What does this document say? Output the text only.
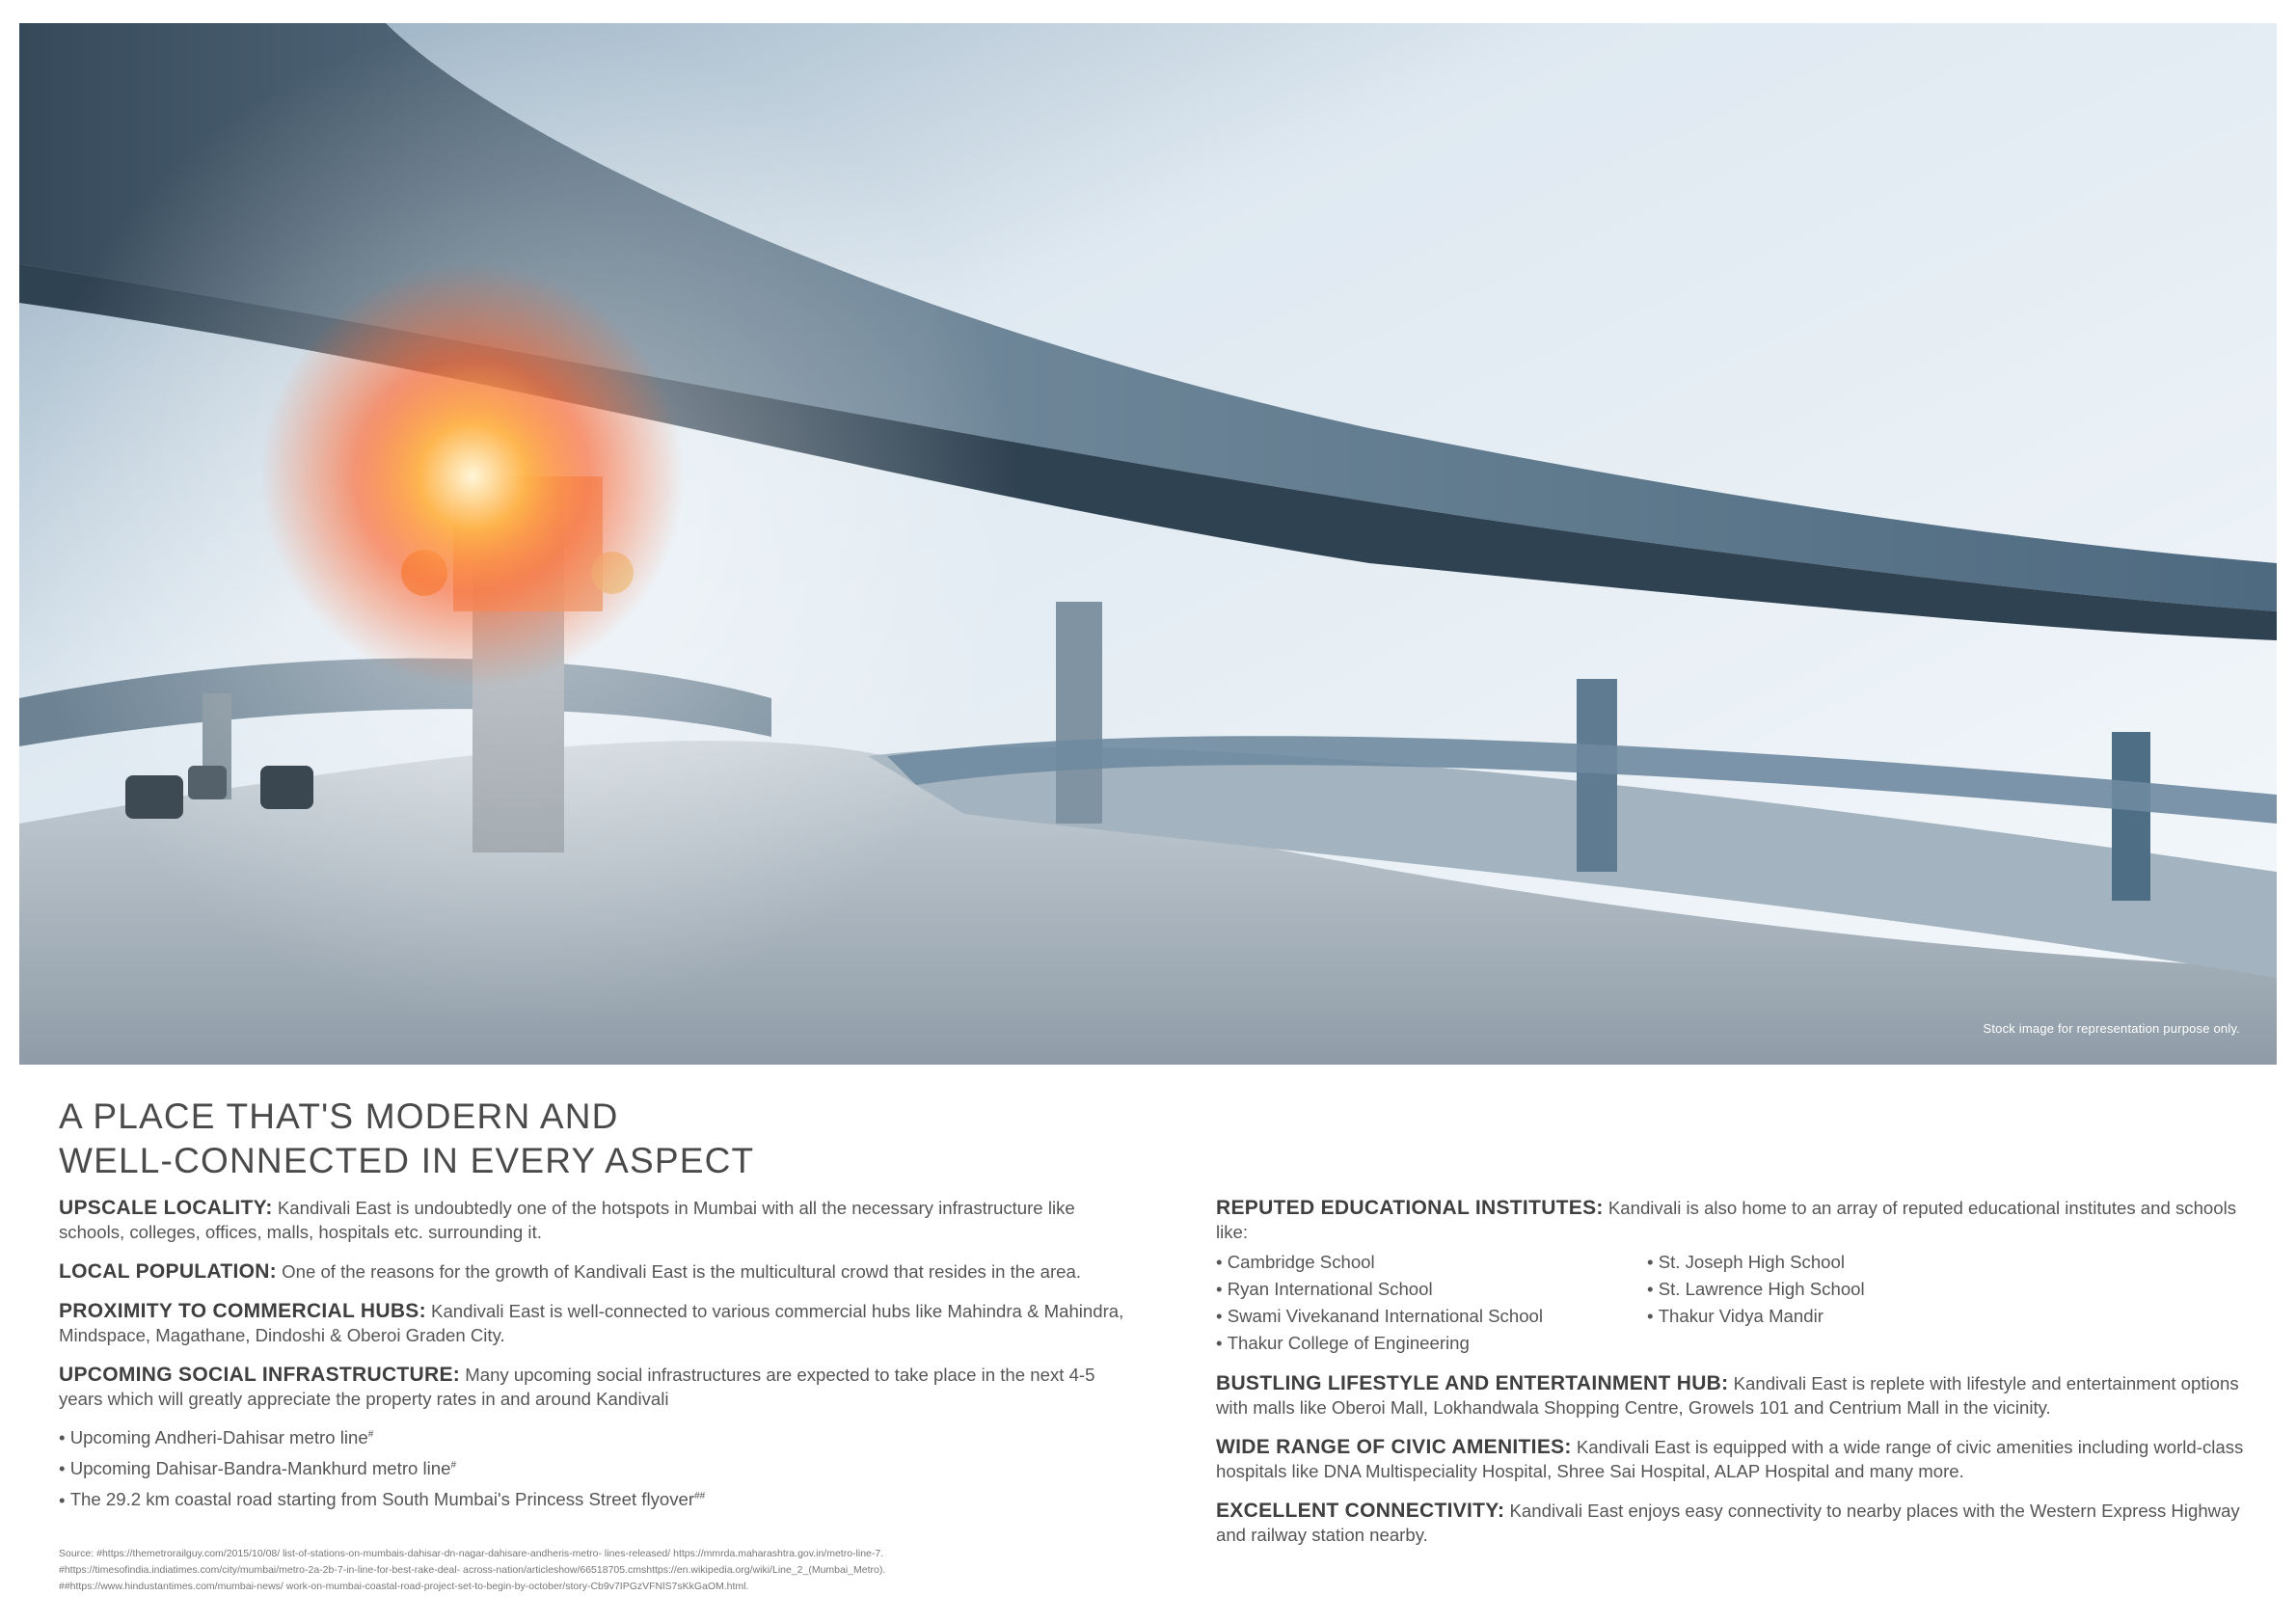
Stock image for representation purpose only.
A PLACE THAT'S MODERN AND
WELL-CONNECTED IN EVERY ASPECT

UPSCALE LOCALITY: Kandivali East is undoubtedly one of the hotspots in Mumbai with all the necessary infrastructure like schools, colleges, offices, malls, hospitals etc. surrounding it.

LOCAL POPULATION: One of the reasons for the growth of Kandivali East is the multicultural crowd that resides in the area.

PROXIMITY TO COMMERCIAL HUBS: Kandivali East is well-connected to various commercial hubs like Mahindra & Mahindra, Mindspace, Magathane, Dindoshi & Oberoi Graden City.

UPCOMING SOCIAL INFRASTRUCTURE: Many upcoming social infrastructures are expected to take place in the next 4-5 years which will greatly appreciate the property rates in and around Kandivali

• Upcoming Andheri-Dahisar metro line#
• Upcoming Dahisar-Bandra-Mankhurd metro line#
• The 29.2 km coastal road starting from South Mumbai's Princess Street flyover##
Source: #https://themetrorailguy.com/2015/10/08/ list-of-stations-on-mumbais-dahisar-dn-nagar-dahisare-andheris-metro- lines-released/ https://mmrda.maharashtra.gov.in/metro-line-7.
#https://timesofindia.indiatimes.com/city/mumbai/metro-2a-2b-7-in-line-for-best-rake-deal- across-nation/articleshow/66518705.cmshttps://en.wikipedia.org/wiki/Line_2_(Mumbai_Metro).
##https://www.hindustantimes.com/mumbai-news/ work-on-mumbai-coastal-road-project-set-to-begin-by-october/story-Cb9v7IPGzVFNlS7sKkGaOM.html.

REPUTED EDUCATIONAL INSTITUTES: Kandivali is also home to an array of reputed educational institutes and schools like:

• Cambridge School
• Ryan International School
• Swami Vivekanand International School
• Thakur College of Engineering
• St. Joseph High School
• St. Lawrence High School
• Thakur Vidya Mandir

BUSTLING LIFESTYLE AND ENTERTAINMENT HUB: Kandivali East is replete with lifestyle and entertainment options with malls like Oberoi Mall, Lokhandwala Shopping Centre, Growels 101 and Centrium Mall in the vicinity.

WIDE RANGE OF CIVIC AMENITIES: Kandivali East is equipped with a wide range of civic amenities including world-class hospitals like DNA Multispeciality Hospital, Shree Sai Hospital, ALAP Hospital and many more.

EXCELLENT CONNECTIVITY: Kandivali East enjoys easy connectivity to nearby places with the Western Express Highway and railway station nearby.
